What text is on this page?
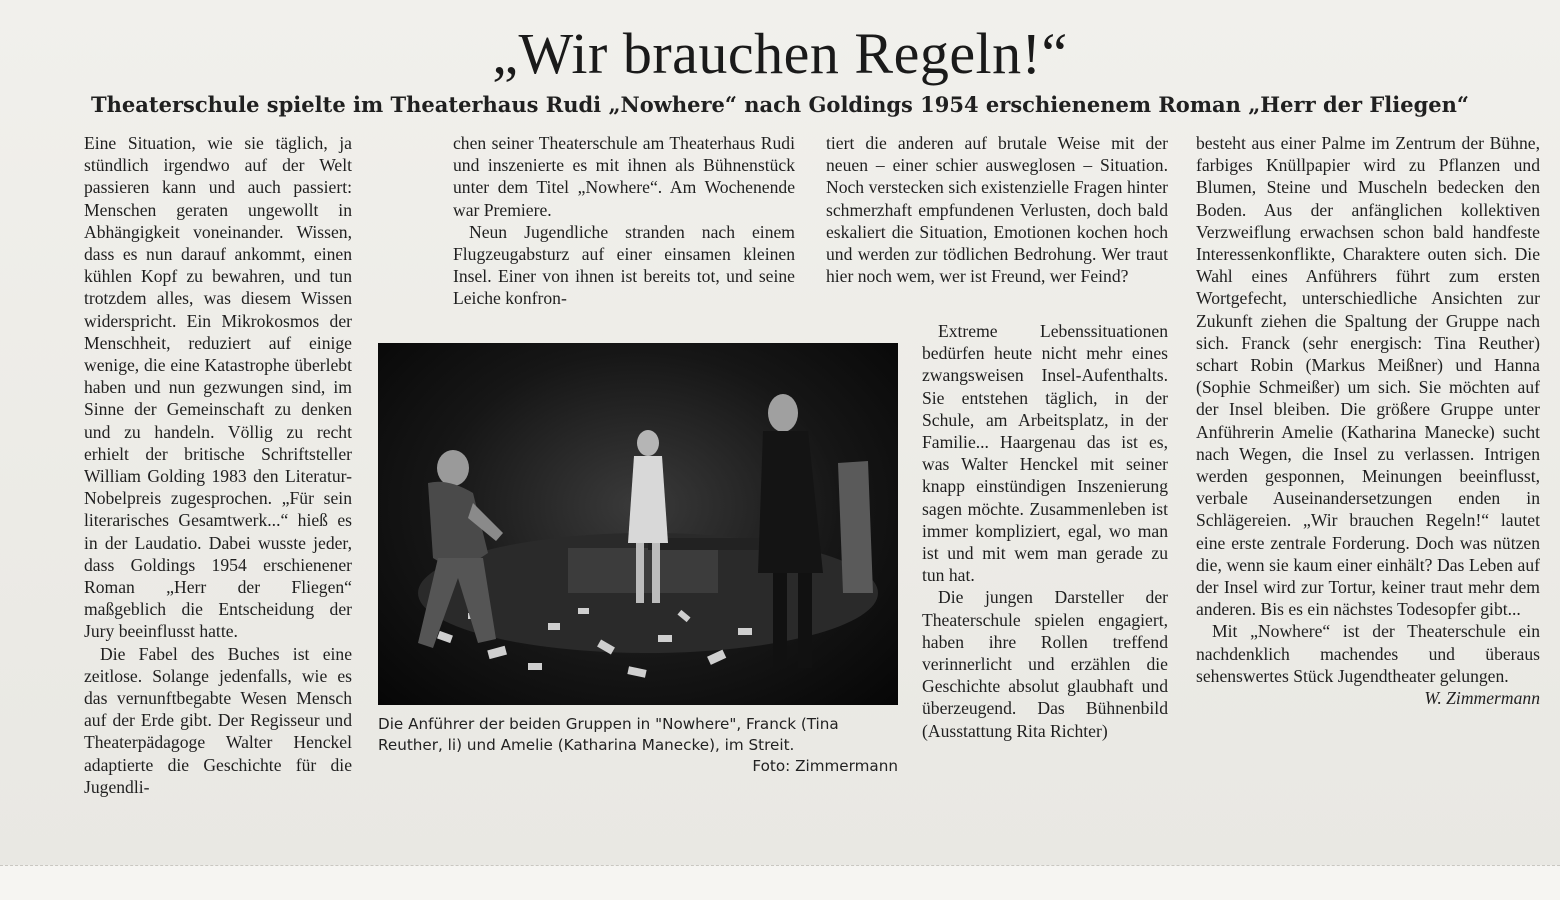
„Wir brauchen Regeln!“
Theaterschule spielte im Theaterhaus Rudi „Nowhere“ nach Goldings 1954 erschienenem Roman „Herr der Fliegen“

Eine Situation, wie sie täglich, ja stündlich irgendwo auf der Welt passieren kann und auch passiert: Menschen geraten ungewollt in Abhängigkeit voneinander. Wissen, dass es nun darauf ankommt, einen kühlen Kopf zu bewahren, und tun trotzdem alles, was diesem Wissen widerspricht. Ein Mikrokosmos der Menschheit, reduziert auf einige wenige, die eine Katastrophe überlebt haben und nun gezwungen sind, im Sinne der Gemeinschaft zu denken und zu handeln. Völlig zu recht erhielt der britische Schriftsteller William Golding 1983 den Literatur-Nobelpreis zugesprochen. „Für sein literarisches Gesamtwerk...“ hieß es in der Laudatio. Dabei wusste jeder, dass Goldings 1954 erschienener Roman „Herr der Fliegen“ maßgeblich die Entscheidung der Jury beeinflusst hatte.

Die Fabel des Buches ist eine zeitlose. Solange jedenfalls, wie es das vernunftbegabte Wesen Mensch auf der Erde gibt. Der Regisseur und Theaterpädagoge Walter Henckel adaptierte die Geschichte für die Jugendli-

chen seiner Theaterschule am Theaterhaus Rudi und inszenierte es mit ihnen als Bühnenstück unter dem Titel „Nowhere“. Am Wochenende war Premiere.

Neun Jugendliche stranden nach einem Flugzeugabsturz auf einer einsamen kleinen Insel. Einer von ihnen ist bereits tot, und seine Leiche konfron-

tiert die anderen auf brutale Weise mit der neuen – einer schier ausweglosen – Situation. Noch verstecken sich existenzielle Fragen hinter schmerzhaft empfundenen Verlusten, doch bald eskaliert die Situation, Emotionen kochen hoch und werden zur tödlichen Bedrohung. Wer traut hier noch wem, wer ist Freund, wer Feind?

Extreme Lebenssituationen bedürfen heute nicht mehr eines zwangsweisen Insel-Aufenthalts. Sie entstehen täglich, in der Schule, am Arbeitsplatz, in der Familie... Haargenau das ist es, was Walter Henckel mit seiner knapp einstündigen Inszenierung sagen möchte. Zusammenleben ist immer kompliziert, egal, wo man ist und mit wem man gerade zu tun hat.

Die jungen Darsteller der Theaterschule spielen engagiert, haben ihre Rollen treffend verinnerlicht und erzählen die Geschichte absolut glaubhaft und überzeugend. Das Bühnenbild (Ausstattung Rita Richter)

besteht aus einer Palme im Zentrum der Bühne, farbiges Knüllpapier wird zu Pflanzen und Blumen, Steine und Muscheln bedecken den Boden. Aus der anfänglichen kollektiven Verzweiflung erwachsen schon bald handfeste Interessenkonflikte, Charaktere outen sich. Die Wahl eines Anführers führt zum ersten Wortgefecht, unterschiedliche Ansichten zur Zukunft ziehen die Spaltung der Gruppe nach sich. Franck (sehr energisch: Tina Reuther) schart Robin (Markus Meißner) und Hanna (Sophie Schmeißer) um sich. Sie möchten auf der Insel bleiben. Die größere Gruppe unter Anführerin Amelie (Katharina Manecke) sucht nach Wegen, die Insel zu verlassen. Intrigen werden gesponnen, Meinungen beeinflusst, verbale Auseinandersetzungen enden in Schlägereien. „Wir brauchen Regeln!“ lautet eine erste zentrale Forderung. Doch was nützen die, wenn sie kaum einer einhält? Das Leben auf der Insel wird zur Tortur, keiner traut mehr dem anderen. Bis es ein nächstes Todesopfer gibt...

Mit „Nowhere“ ist der Theaterschule ein nachdenklich machendes und überaus sehenswertes Stück Jugendtheater gelungen.
W. Zimmermann

Die Anführer der beiden Gruppen in "Nowhere", Franck (Tina Reuther, li) und Amelie (Katharina Manecke), im Streit.
Foto: Zimmermann
